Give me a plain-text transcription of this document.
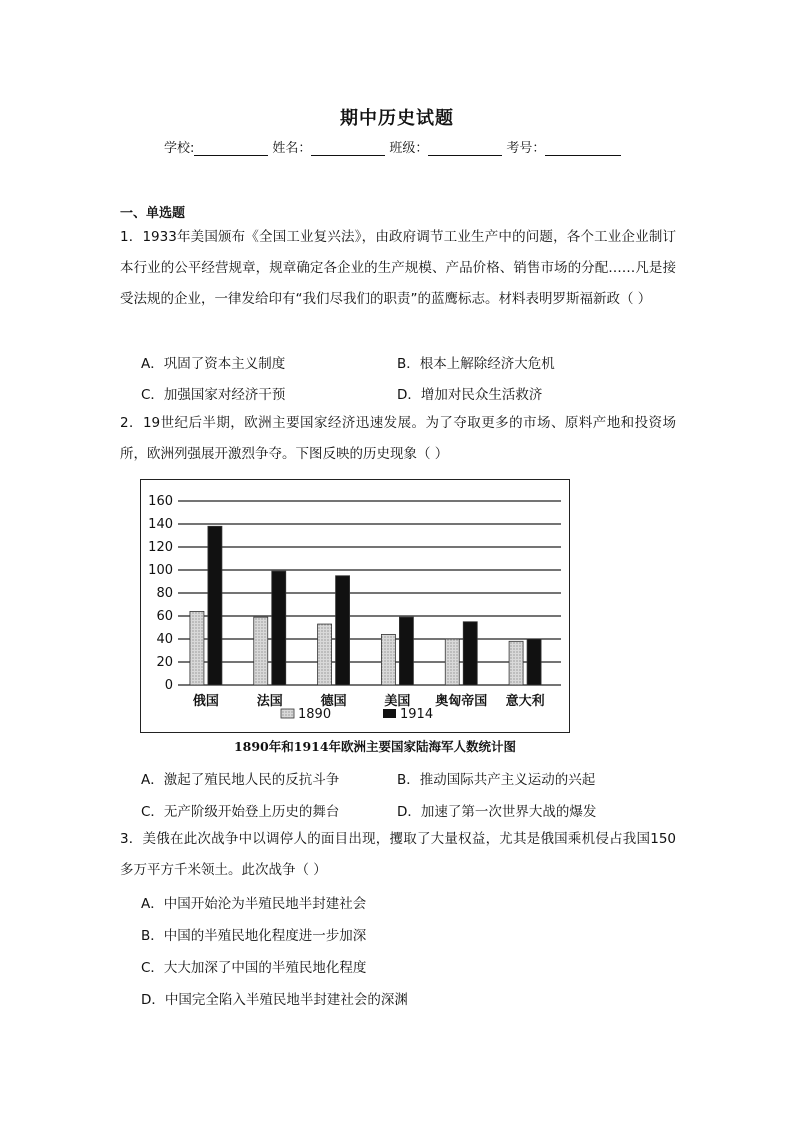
期中历史试题
学校:	姓名：	班级：	考号：
一、单选题
1．1933年美国颁布《全国工业复兴法》，由政府调节工业生产中的问题，各个工业企业制订本行业的公平经营规章，规章确定各企业的生产规模、产品价格、销售市场的分配……凡是接受法规的企业，一律发给印有“我们尽我们的职责”的蓝鹰标志。材料表明罗斯福新政（ ）
A．巩固了资本主义制度	B．根本上解除经济大危机
C．加强国家对经济干预	D．增加对民众生活救济
2．19世纪后半期，欧洲主要国家经济迅速发展。为了夺取更多的市场、原料产地和投资场所，欧洲列强展开激烈争夺。下图反映的历史现象（ ）
0
20
40
60
80
100
120
140
160
俄国	法国	德国	美国 奥匈帝国 意大利
1890	1914
1890年和1914年欧洲主要国家陆海军人数统计图
A．激起了殖民地人民的反抗斗争	B．推动国际共产主义运动的兴起
C．无产阶级开始登上历史的舞台	D．加速了第一次世界大战的爆发
3．美俄在此次战争中以调停人的面目出现，攫取了大量权益，尤其是俄国乘机侵占我国150多万平方千米领土。此次战争（ ）
A．中国开始沦为半殖民地半封建社会
B．中国的半殖民地化程度进一步加深
C．大大加深了中国的半殖民地化程度
D．中国完全陷入半殖民地半封建社会的深渊
